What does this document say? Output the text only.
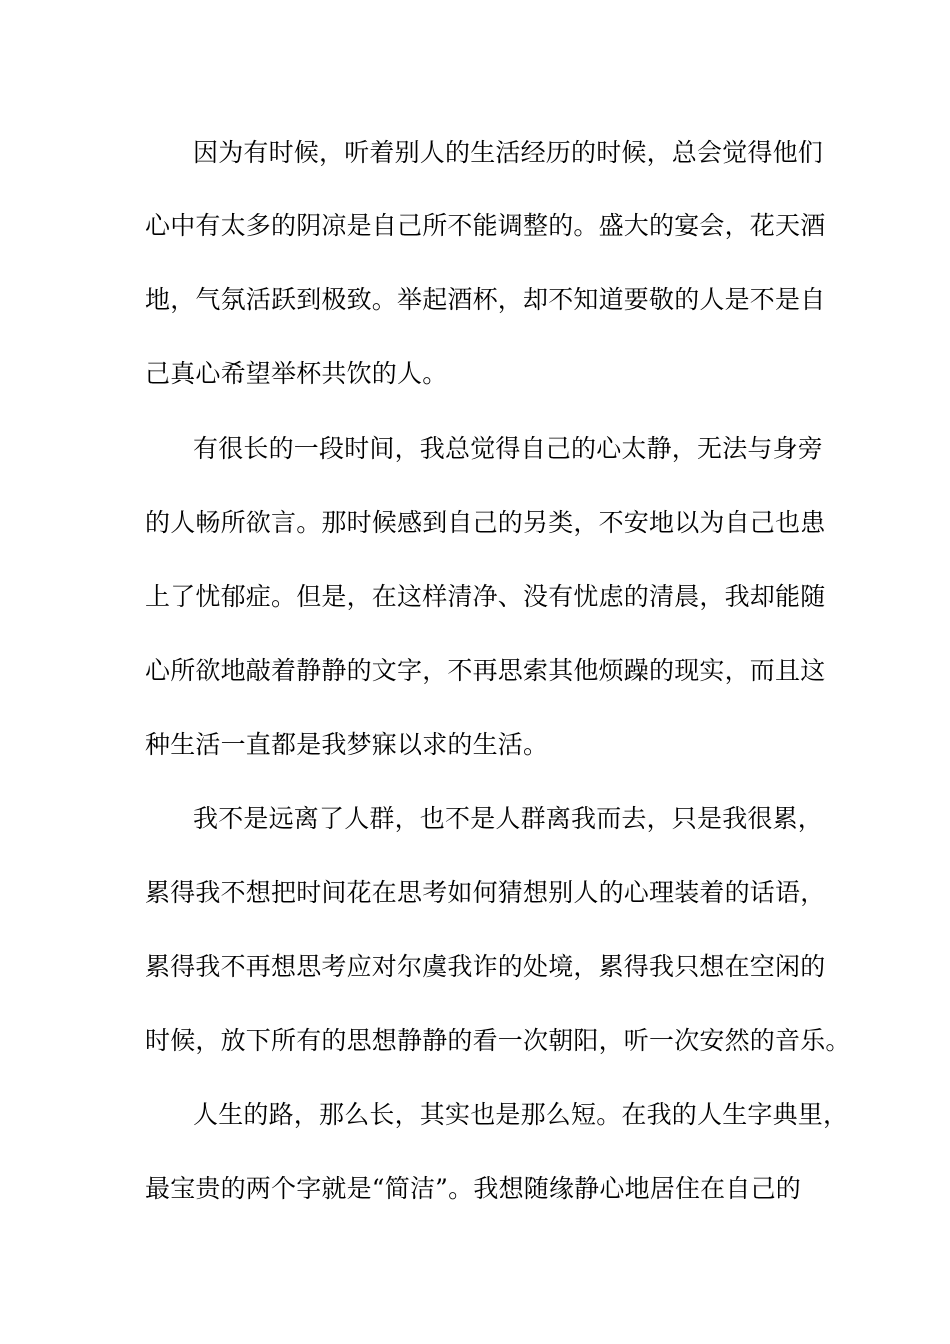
因为有时候，听着别人的生活经历的时候，总会觉得他们
心中有太多的阴凉是自己所不能调整的。盛大的宴会，花天酒
地，气氛活跃到极致。举起酒杯，却不知道要敬的人是不是自
己真心希望举杯共饮的人。
有很长的一段时间，我总觉得自己的心太静，无法与身旁
的人畅所欲言。那时候感到自己的另类，不安地以为自己也患
上了忧郁症。但是，在这样清净、没有忧虑的清晨，我却能随
心所欲地敲着静静的文字，不再思索其他烦躁的现实，而且这
种生活一直都是我梦寐以求的生活。
我不是远离了人群，也不是人群离我而去，只是我很累，
累得我不想把时间花在思考如何猜想别人的心理装着的话语，
累得我不再想思考应对尔虞我诈的处境，累得我只想在空闲的
时候，放下所有的思想静静的看一次朝阳，听一次安然的音乐。
人生的路，那么长，其实也是那么短。在我的人生字典里，
最宝贵的两个字就是“简洁”。我想随缘静心地居住在自己的
